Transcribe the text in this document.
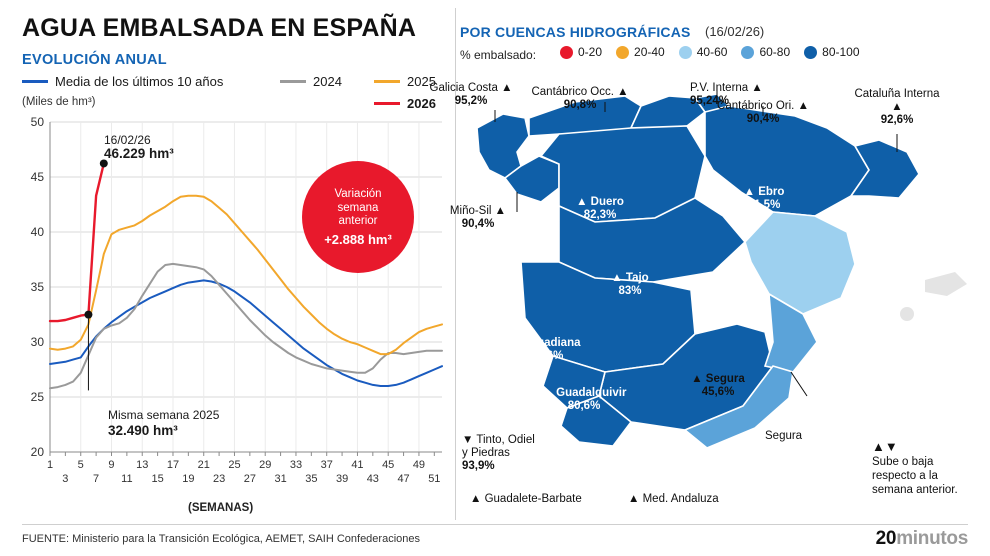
AGUA EMBALSADA EN ESPAÑA
EVOLUCIÓN ANUAL
Media de los últimos 10 años	2024	2025
2026
(Miles de hm³)
20
25
30
35
40
45
50
1
3
5
7
9
11
13
15
17
19
21
23
25
27
29
31
33
35
37
39
41
43
45
47
49
51
16/02/26
46.229 hm³
Misma semana 2025
32.490 hm³
Variación
semana
anterior
+2.888 hm³
(SEMANAS)
POR CUENCAS HIDROGRÁFICAS (16/02/26)
% embalsado:	0-20	20-40	40-60	60-80	80-100
Galicia Costa ▲
95,2%
Miño-Sil ▲
90,4%
Cantábrico Occ. ▲
90,8%
P.V. Interna ▲
95,24%
Cantábrico Ori. ▲
90,4%
Cataluña Interna ▲
92,6%
▲ Duero
82,3%
▲ Ebro
81,5%
▲ Tajo
83%	▲ Júcar
61,8%
▲ Guadiana
89,6%
▲ Guadalquivir
80,6%
▲ Segura
45,6%
▼ Tinto, Odiel
y Piedras
93,9%
▲ Guadalete-Barbate	▲ Med. Andaluza
Segura
▲▼
Sube o baja
respecto a la
semana anterior.
FUENTE: Ministerio para la Transición Ecológica, AEMET, SAIH Confederaciones	20minutos
